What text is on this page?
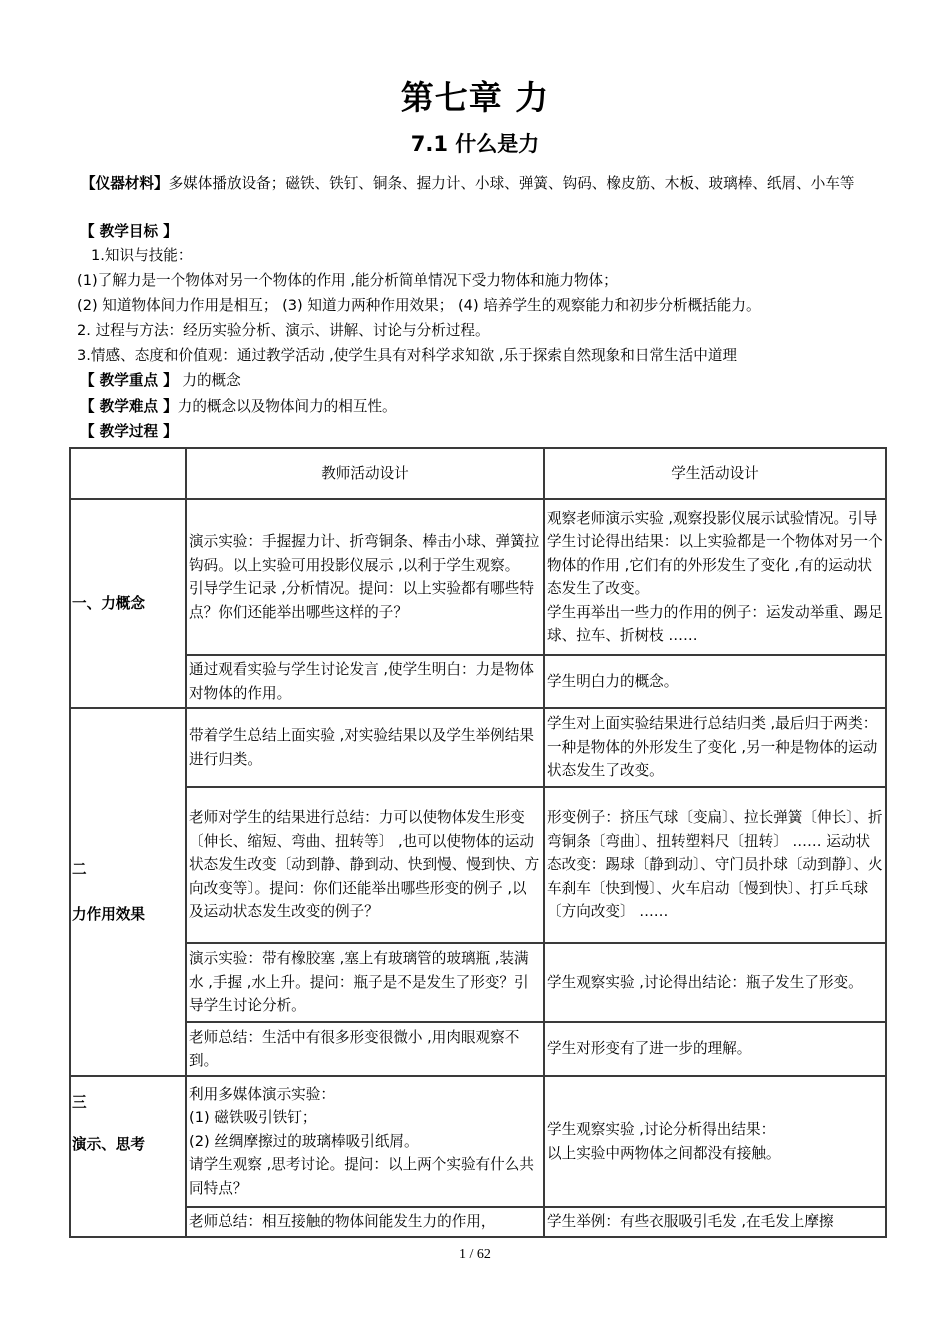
第七章 力
7.1 什么是力
【仪器材料】多媒体播放设备；磁铁、铁钉、铜条、握力计、小球、弹簧、钩码、橡皮筋、木板、玻璃棒、纸屑、小车等
【 教学目标 】
1.知识与技能：
(1)了解力是一个物体对另一个物体的作用 ,能分析简单情况下受力物体和施力物体；
(2) 知道物体间力作用是相互； (3) 知道力两种作用效果； (4) 培养学生的观察能力和初步分析概括能力。
2. 过程与方法：经历实验分析、演示、讲解、讨论与分析过程。
3.情感、态度和价值观：通过教学活动 ,使学生具有对科学求知欲 ,乐于探索自然现象和日常生活中道理
【 教学重点 】 力的概念
【 教学难点 】力的概念以及物体间力的相互性。
【 教学过程 】
	教师活动设计	学生活动设计
一、力概念	演示实验：手握握力计、折弯铜条、棒击小球、弹簧拉钩码。以上实验可用投影仪展示 ,以利于学生观察。
引导学生记录 ,分析情况。提问：以上实验都有哪些特点？你们还能举出哪些这样的子？	观察老师演示实验 ,观察投影仪展示试验情况。引导学生讨论得出结果：以上实验都是一个物体对另一个物体的作用 ,它们有的外形发生了变化 ,有的运动状态发生了改变。
学生再举出一些力的作用的例子：运发动举重、踢足球、拉车、折树枝 ……
	通过观看实验与学生讨论发言 ,使学生明白：力是物体对物体的作用。	学生明白力的概念。

二
力作用效果	带着学生总结上面实验 ,对实验结果以及学生举例结果进行归类。	学生对上面实验结果进行总结归类 ,最后归于两类：一种是物体的外形发生了变化 ,另一种是物体的运动状态发生了改变。
	老师对学生的结果进行总结：力可以使物体发生形变〔伸长、缩短、弯曲、扭转等〕 ,也可以使物体的运动状态发生改变〔动到静、静到动、快到慢、慢到快、方向改变等〕。提问：你们还能举出哪些形变的例子 ,以及运动状态发生改变的例子？	形变例子：挤压气球〔变扁〕、拉长弹簧〔伸长〕、折弯铜条〔弯曲〕、扭转塑料尺〔扭转〕 …… 运动状态改变：踢球〔静到动〕、守门员扑球〔动到静〕、火车刹车〔快到慢〕、火车启动〔慢到快〕、打乒乓球〔方向改变〕 ……
	演示实验：带有橡胶塞 ,塞上有玻璃管的玻璃瓶 ,装满水 ,手握 ,水上升。提问：瓶子是不是发生了形变？引导学生讨论分析。	学生观察实验 ,讨论得出结论：瓶子发生了形变。
	老师总结：生活中有很多形变很微小 ,用肉眼观察不到。	学生对形变有了进一步的理解。

三
演示、思考	利用多媒体演示实验：
(1) 磁铁吸引铁钉；
(2) 丝绸摩擦过的玻璃棒吸引纸屑。
请学生观察 ,思考讨论。提问：以上两个实验有什么共同特点？	学生观察实验 ,讨论分析得出结果：
以上实验中两物体之间都没有接触。
	老师总结：相互接触的物体间能发生力的作用，	学生举例：有些衣服吸引毛发 ,在毛发上摩擦
1 / 62
